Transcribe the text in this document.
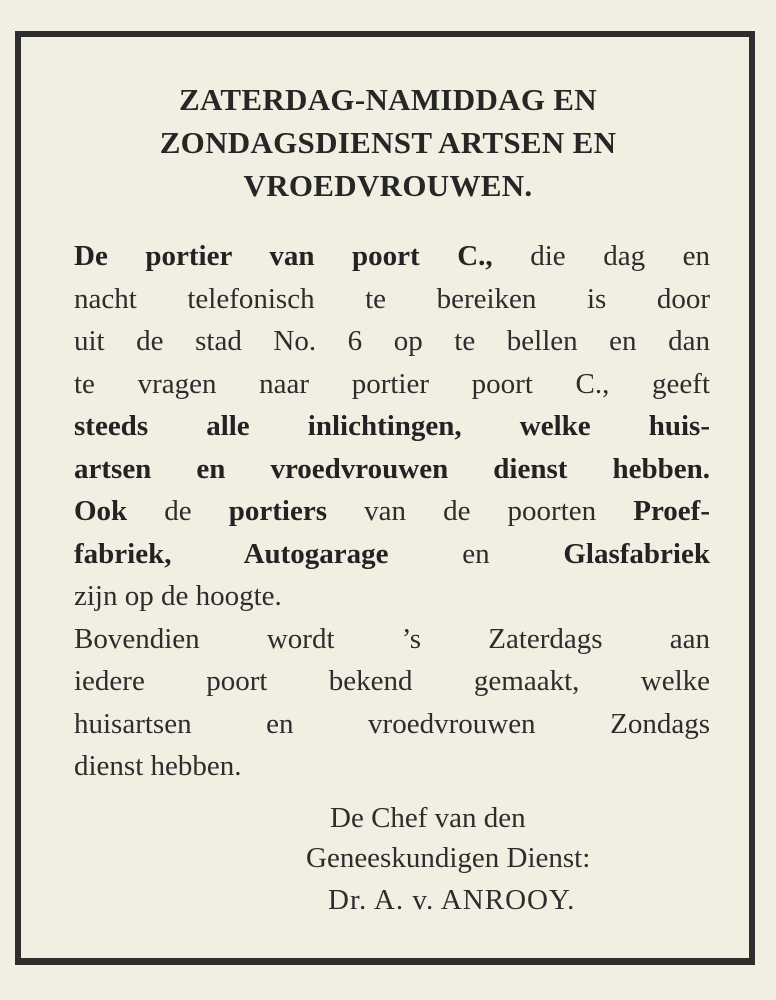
ZATERDAG-NAMIDDAG EN
ZONDAGSDIENST ARTSEN EN
VROEDVROUWEN.
De portier van poort C., die dag en
nacht telefonisch te bereiken is door
uit de stad No. 6 op te bellen en dan
te vragen naar portier poort C., geeft
steeds alle inlichtingen, welke huis-
artsen en vroedvrouwen dienst hebben.
Ook de portiers van de poorten Proef-
fabriek, Autogarage en Glasfabriek
zijn op de hoogte.
Bovendien wordt ’s Zaterdags aan
iedere poort bekend gemaakt, welke
huisartsen en vroedvrouwen Zondags
dienst hebben.
De Chef van den
Geneeskundigen Dienst:
Dr. A. v. ANROOY.
